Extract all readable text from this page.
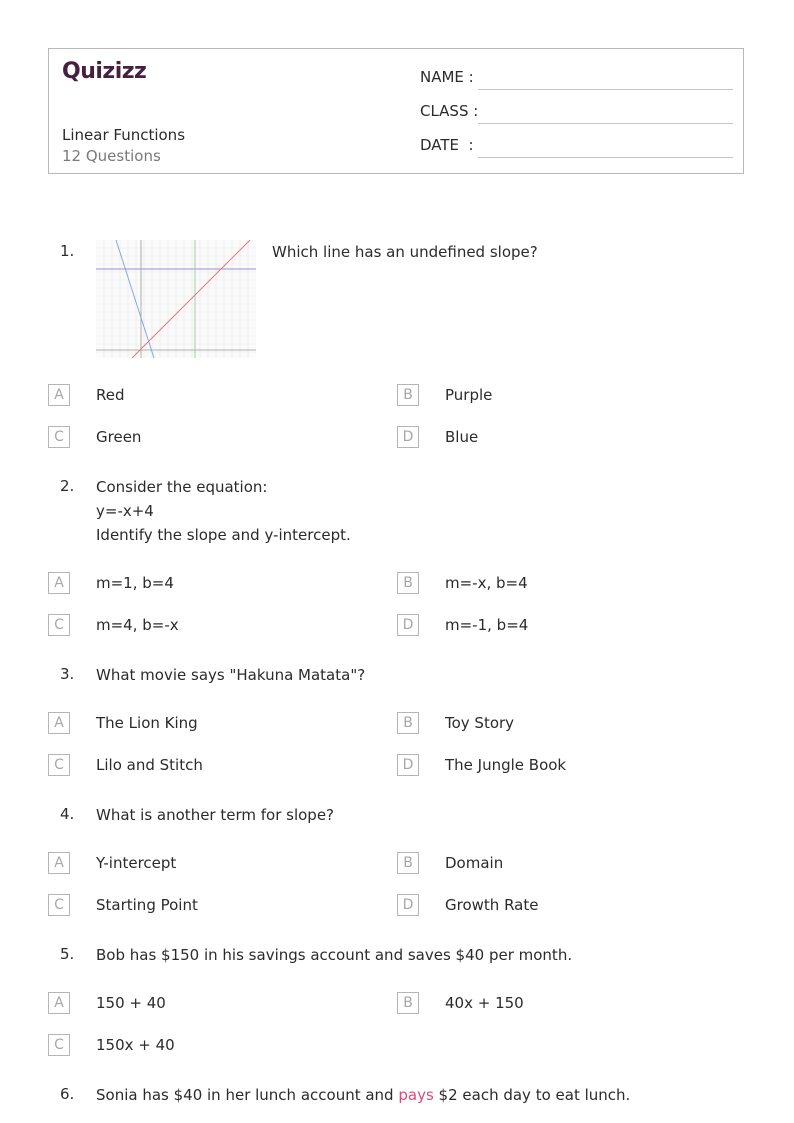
Quizizz
Linear Functions
12 Questions
NAME :
CLASS :
DATE  :
1.	Which line has an undefined slope?
A	Red	B	Purple
C	Green	D	Blue
2. Consider the equation:
y=-x+4
Identify the slope and y-intercept.
A	m=1, b=4	B	m=-x, b=4
C	m=4, b=-x	D	m=-1, b=4
3. What movie says "Hakuna Matata"?
A	The Lion King	B	Toy Story
C	Lilo and Stitch	D	The Jungle Book
4. What is another term for slope?
A	Y-intercept	B	Domain
C	Starting Point	D	Growth Rate
5. Bob has $150 in his savings account and saves $40 per month.
A	150 + 40	B	40x + 150
C	150x + 40
6. Sonia has $40 in her lunch account and pays $2 each day to eat lunch.
